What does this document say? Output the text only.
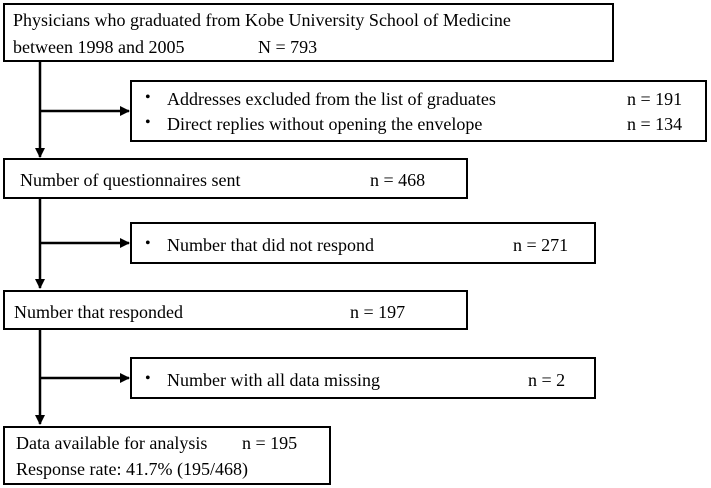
Physicians who graduated from Kobe University School of Medicine
between 1998 and 2005	N = 793
• Addresses excluded from the list of graduates	n = 191
• Direct replies without opening the envelope	n = 134
Number of questionnaires sent	n = 468
• Number that did not respond	n = 271
Number that responded	n = 197
• Number with all data missing	n = 2
Data available for analysis n = 195
Response rate: 41.7% (195/468)
